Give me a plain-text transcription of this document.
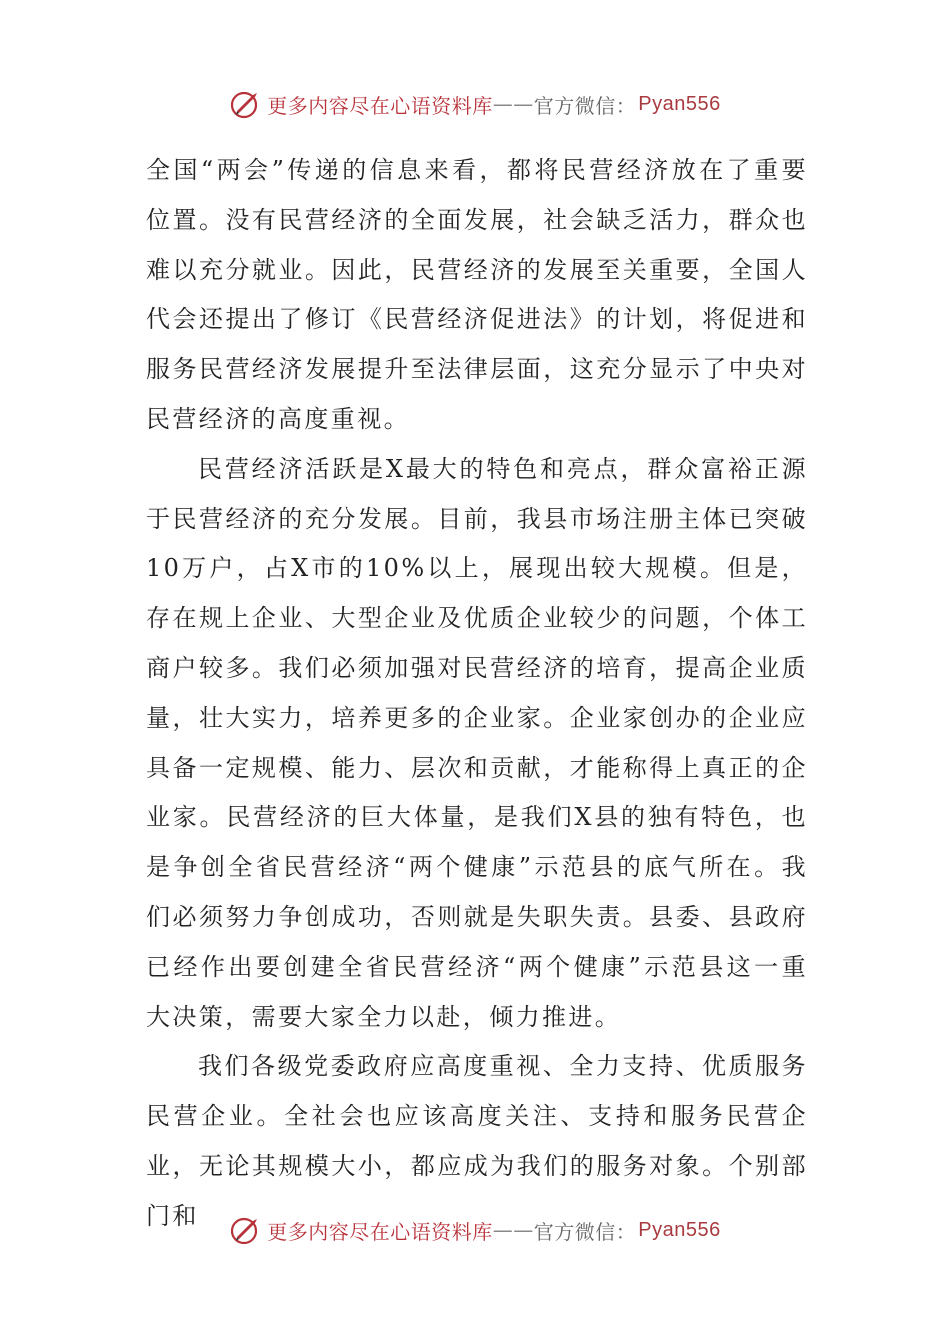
更多内容尽在心语资料库 —— 官方微信： Pyan556

全国“两会”传递的信息来看，都将民营经济放在了重要位置。没有民营经济的全面发展，社会缺乏活力，群众也难以充分就业。因此，民营经济的发展至关重要，全国人代会还提出了修订《民营经济促进法》的计划，将促进和服务民营经济发展提升至法律层面，这充分显示了中央对民营经济的高度重视。

民营经济活跃是X最大的特色和亮点，群众富裕正源于民营经济的充分发展。目前，我县市场注册主体已突破10万户，占X市的10%以上，展现出较大规模。但是，存在规上企业、大型企业及优质企业较少的问题，个体工商户较多。我们必须加强对民营经济的培育，提高企业质量，壮大实力，培养更多的企业家。企业家创办的企业应具备一定规模、能力、层次和贡献，才能称得上真正的企业家。民营经济的巨大体量，是我们X县的独有特色，也是争创全省民营经济“两个健康”示范县的底气所在。我们必须努力争创成功，否则就是失职失责。县委、县政府已经作出要创建全省民营经济“两个健康”示范县这一重大决策，需要大家全力以赴，倾力推进。

我们各级党委政府应高度重视、全力支持、优质服务民营企业。全社会也应该高度关注、支持和服务民营企业，无论其规模大小，都应成为我们的服务对象。个别部门和

更多内容尽在心语资料库 —— 官方微信： Pyan556
